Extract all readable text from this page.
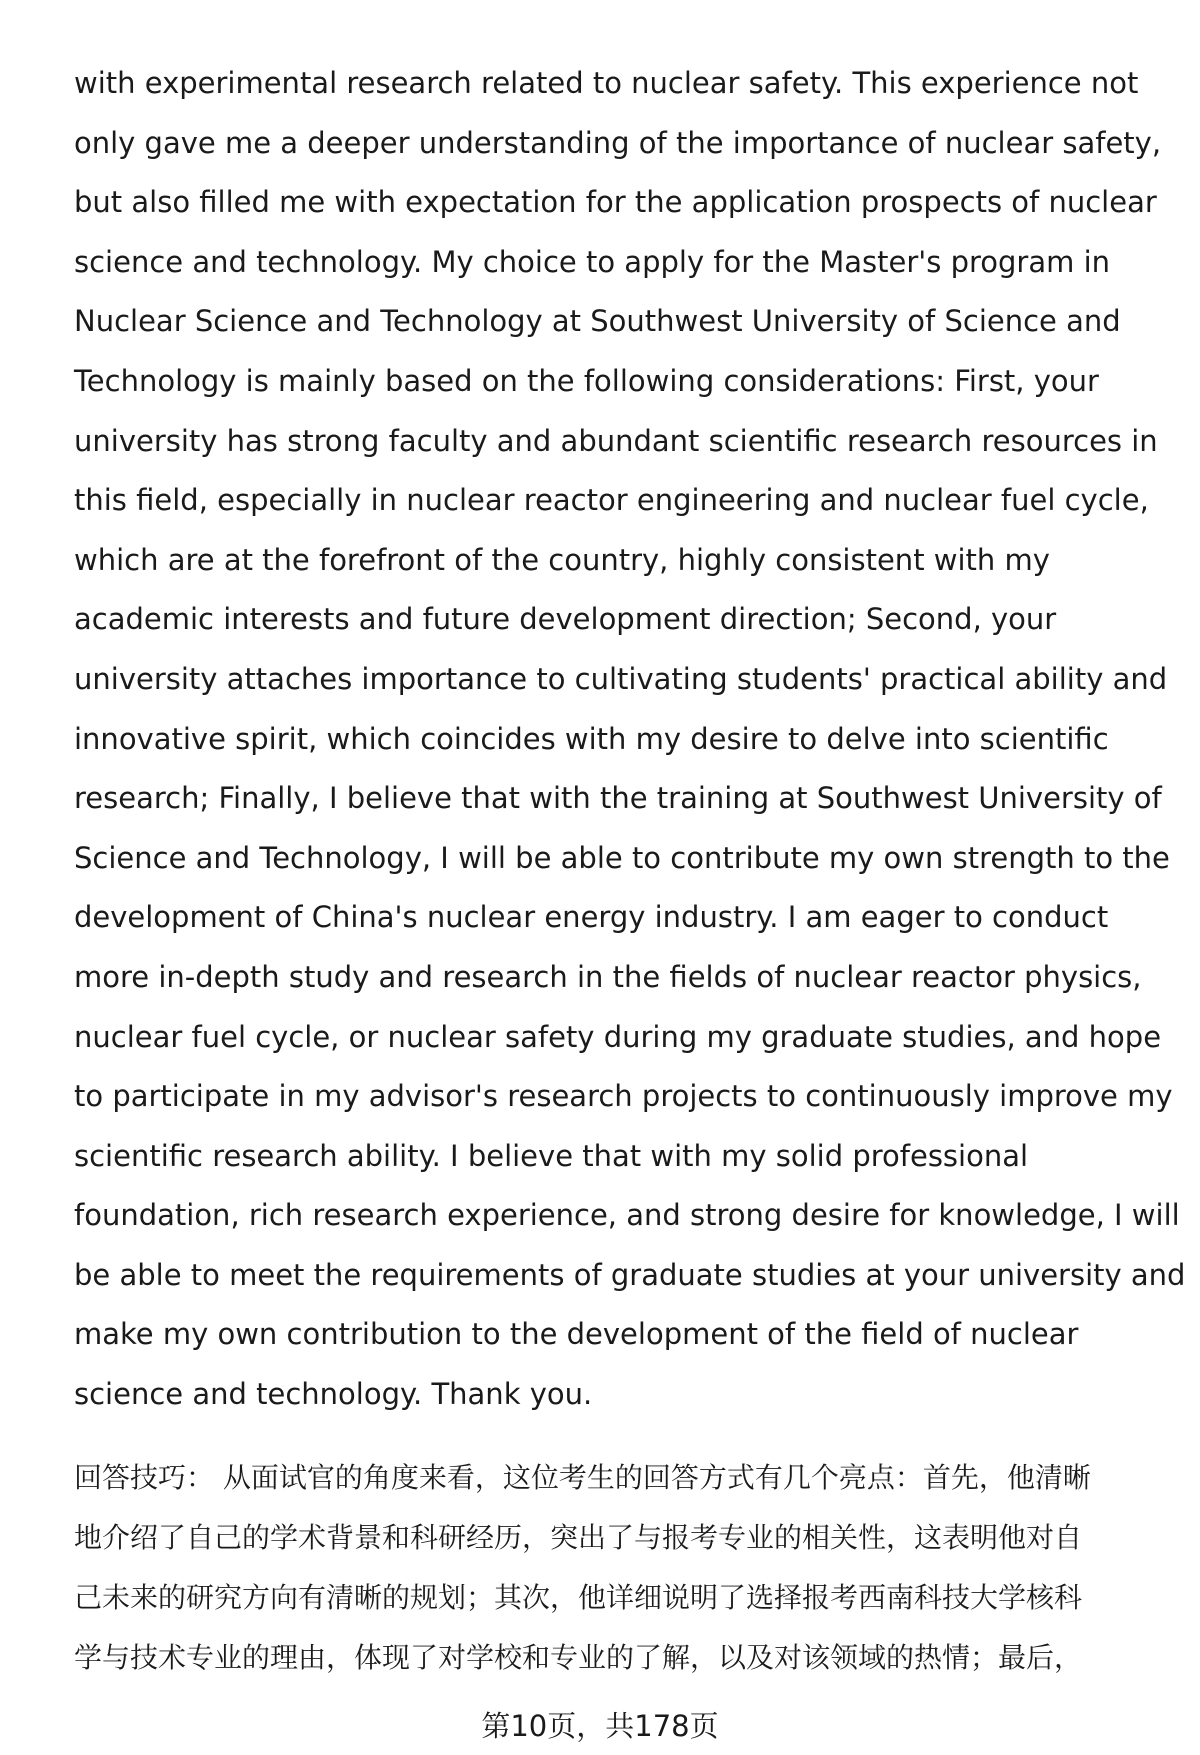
with experimental research related to nuclear safety. This experience not
only gave me a deeper understanding of the importance of nuclear safety,
but also filled me with expectation for the application prospects of nuclear
science and technology. My choice to apply for the Master's program in
Nuclear Science and Technology at Southwest University of Science and
Technology is mainly based on the following considerations: First, your
university has strong faculty and abundant scientific research resources in
this field, especially in nuclear reactor engineering and nuclear fuel cycle,
which are at the forefront of the country, highly consistent with my
academic interests and future development direction; Second, your
university attaches importance to cultivating students' practical ability and
innovative spirit, which coincides with my desire to delve into scientific
research; Finally, I believe that with the training at Southwest University of
Science and Technology, I will be able to contribute my own strength to the
development of China's nuclear energy industry. I am eager to conduct
more in-depth study and research in the fields of nuclear reactor physics,
nuclear fuel cycle, or nuclear safety during my graduate studies, and hope
to participate in my advisor's research projects to continuously improve my
scientific research ability. I believe that with my solid professional
foundation, rich research experience, and strong desire for knowledge, I will
be able to meet the requirements of graduate studies at your university and
make my own contribution to the development of the field of nuclear
science and technology. Thank you.
回答技巧： 从面试官的角度来看，这位考生的回答方式有几个亮点：首先，他清晰
地介绍了自己的学术背景和科研经历，突出了与报考专业的相关性，这表明他对自
己未来的研究方向有清晰的规划；其次，他详细说明了选择报考西南科技大学核科
学与技术专业的理由，体现了对学校和专业的了解，以及对该领域的热情；最后，
第10页，共178页
